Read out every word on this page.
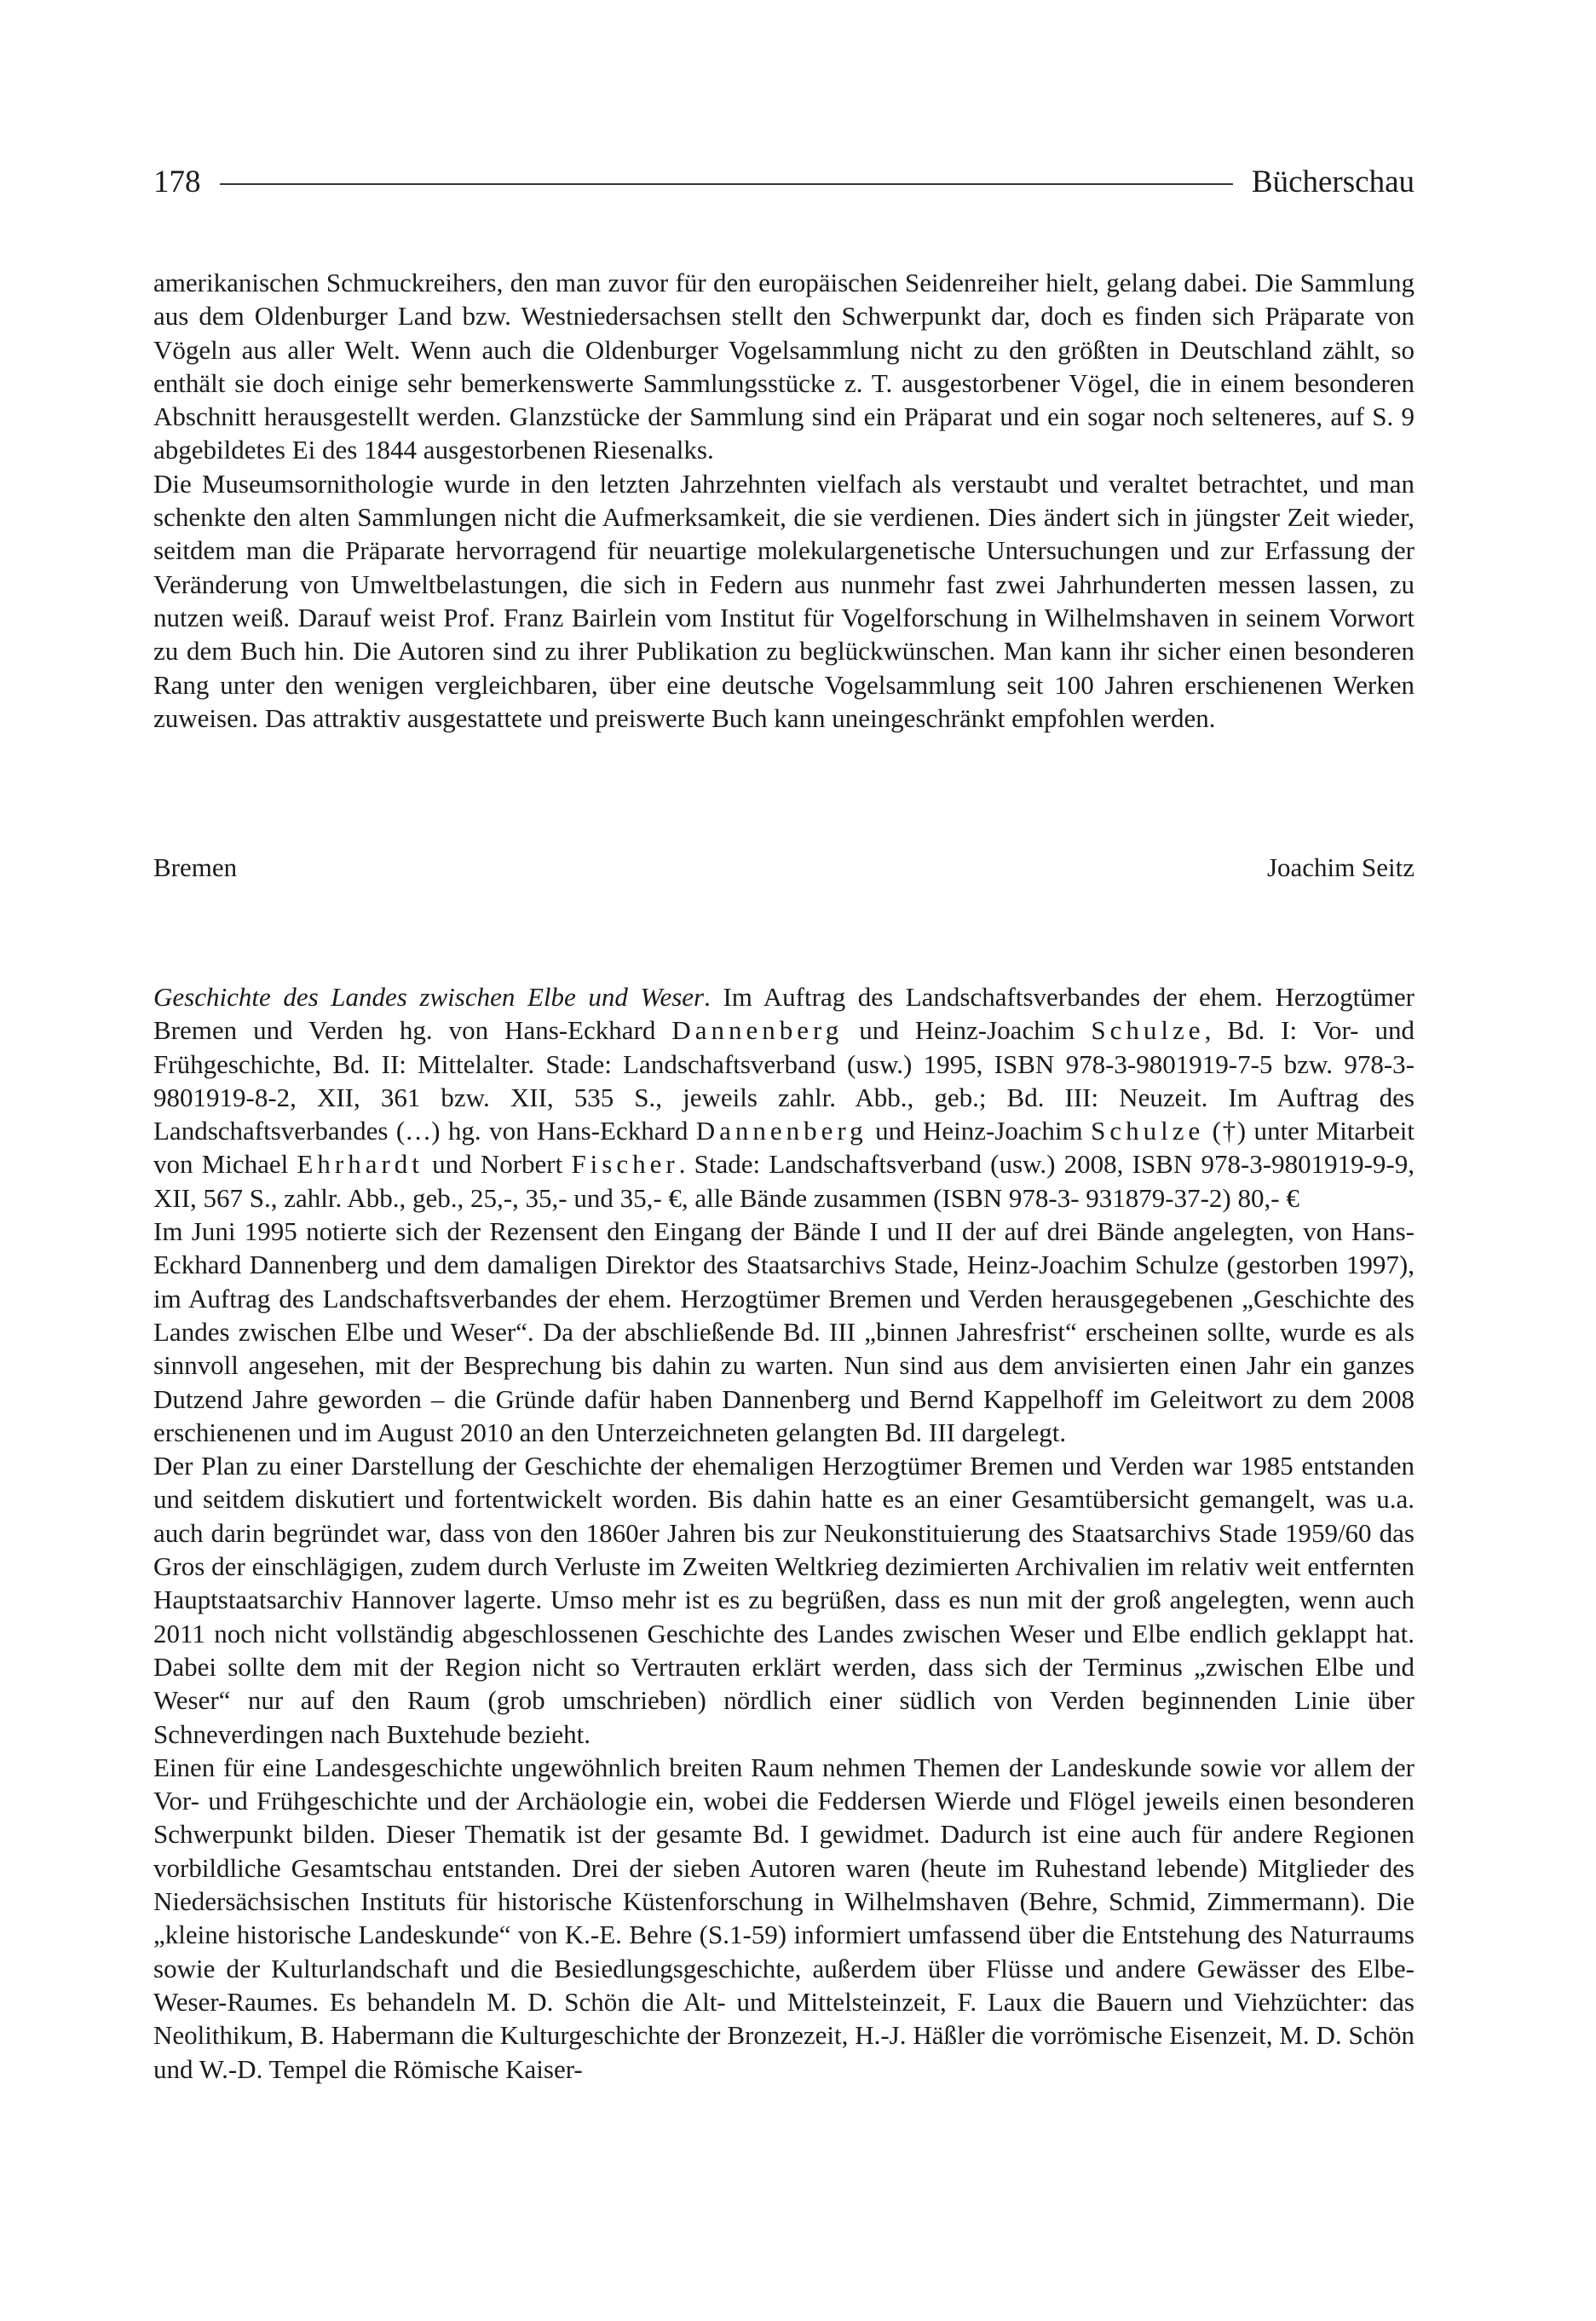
178	Bücherschau

amerikanischen Schmuckreihers, den man zuvor für den europäischen Seidenreiher hielt, gelang dabei. Die Sammlung aus dem Oldenburger Land bzw. Westniedersachsen stellt den Schwerpunkt dar, doch es finden sich Präparate von Vögeln aus aller Welt. Wenn auch die Oldenburger Vogelsammlung nicht zu den größten in Deutschland zählt, so enthält sie doch einige sehr bemerkenswerte Sammlungsstücke z. T. ausgestorbener Vögel, die in einem besonderen Abschnitt herausgestellt werden. Glanzstücke der Sammlung sind ein Präparat und ein sogar noch selteneres, auf S. 9 abgebildetes Ei des 1844 ausgestorbenen Riesenalks.

Die Museumsornithologie wurde in den letzten Jahrzehnten vielfach als verstaubt und veraltet betrachtet, und man schenkte den alten Sammlungen nicht die Aufmerksamkeit, die sie verdienen. Dies ändert sich in jüngster Zeit wieder, seitdem man die Präparate hervorragend für neuartige molekulargenetische Untersuchungen und zur Erfassung der Veränderung von Umweltbelastungen, die sich in Federn aus nunmehr fast zwei Jahrhunderten messen lassen, zu nutzen weiß. Darauf weist Prof. Franz Bairlein vom Institut für Vogelforschung in Wilhelmshaven in seinem Vorwort zu dem Buch hin. Die Autoren sind zu ihrer Publikation zu beglückwünschen. Man kann ihr sicher einen besonderen Rang unter den wenigen vergleichbaren, über eine deutsche Vogelsammlung seit 100 Jahren erschienenen Werken zuweisen. Das attraktiv ausgestattete und preiswerte Buch kann uneingeschränkt empfohlen werden.

Bremen	Joachim Seitz

Geschichte des Landes zwischen Elbe und Weser. Im Auftrag des Landschaftsverbandes der ehem. Herzogtümer Bremen und Verden hg. von Hans-Eckhard Dannenberg und Heinz-Joachim Schulze, Bd. I: Vor- und Frühgeschichte, Bd. II: Mittelalter. Stade: Landschaftsverband (usw.) 1995, ISBN 978-3-9801919-7-5 bzw. 978-3-9801919-8-2, XII, 361 bzw. XII, 535 S., jeweils zahlr. Abb., geb.; Bd. III: Neuzeit. Im Auftrag des Landschaftsverbandes (…) hg. von Hans-Eckhard Dannenberg und Heinz-Joachim Schulze (†) unter Mitarbeit von Michael Ehrhardt und Norbert Fischer. Stade: Landschaftsverband (usw.) 2008, ISBN 978-3-9801919-9-9, XII, 567 S., zahlr. Abb., geb., 25,-, 35,- und 35,- €, alle Bände zusammen (ISBN 978-3- 931879-37-2) 80,- €

Im Juni 1995 notierte sich der Rezensent den Eingang der Bände I und II der auf drei Bände angelegten, von Hans-Eckhard Dannenberg und dem damaligen Direktor des Staatsarchivs Stade, Heinz-Joachim Schulze (gestorben 1997), im Auftrag des Landschaftsverbandes der ehem. Herzogtümer Bremen und Verden herausgegebenen „Geschichte des Landes zwischen Elbe und Weser“. Da der abschließende Bd. III „binnen Jahresfrist“ erscheinen sollte, wurde es als sinnvoll angesehen, mit der Besprechung bis dahin zu warten. Nun sind aus dem anvisierten einen Jahr ein ganzes Dutzend Jahre geworden – die Gründe dafür haben Dannenberg und Bernd Kappelhoff im Geleitwort zu dem 2008 erschienenen und im August 2010 an den Unterzeichneten gelangten Bd. III dargelegt.

Der Plan zu einer Darstellung der Geschichte der ehemaligen Herzogtümer Bremen und Verden war 1985 entstanden und seitdem diskutiert und fortentwickelt worden. Bis dahin hatte es an einer Gesamtübersicht gemangelt, was u.a. auch darin begründet war, dass von den 1860er Jahren bis zur Neukonstituierung des Staatsarchivs Stade 1959/60 das Gros der einschlägigen, zudem durch Verluste im Zweiten Weltkrieg dezimierten Archivalien im relativ weit entfernten Hauptstaatsarchiv Hannover lagerte. Umso mehr ist es zu begrüßen, dass es nun mit der groß angelegten, wenn auch 2011 noch nicht vollständig abgeschlossenen Geschichte des Landes zwischen Weser und Elbe endlich geklappt hat. Dabei sollte dem mit der Region nicht so Vertrauten erklärt werden, dass sich der Terminus „zwischen Elbe und Weser“ nur auf den Raum (grob umschrieben) nördlich einer südlich von Verden beginnenden Linie über Schneverdingen nach Buxtehude bezieht.

Einen für eine Landesgeschichte ungewöhnlich breiten Raum nehmen Themen der Landeskunde sowie vor allem der Vor- und Frühgeschichte und der Archäologie ein, wobei die Feddersen Wierde und Flögel jeweils einen besonderen Schwerpunkt bilden. Dieser Thematik ist der gesamte Bd. I gewidmet. Dadurch ist eine auch für andere Regionen vorbildliche Gesamtschau entstanden. Drei der sieben Autoren waren (heute im Ruhestand lebende) Mitglieder des Niedersächsischen Instituts für historische Küstenforschung in Wilhelmshaven (Behre, Schmid, Zimmermann). Die „kleine historische Landeskunde“ von K.-E. Behre (S.1-59) informiert umfassend über die Entstehung des Naturraums sowie der Kulturlandschaft und die Besiedlungsgeschichte, außerdem über Flüsse und andere Gewässer des Elbe-Weser-Raumes. Es behandeln M. D. Schön die Alt- und Mittelsteinzeit, F. Laux die Bauern und Viehzüchter: das Neolithikum, B. Habermann die Kulturgeschichte der Bronzezeit, H.-J. Häßler die vorrömische Eisenzeit, M. D. Schön und W.-D. Tempel die Römische Kaiser-
